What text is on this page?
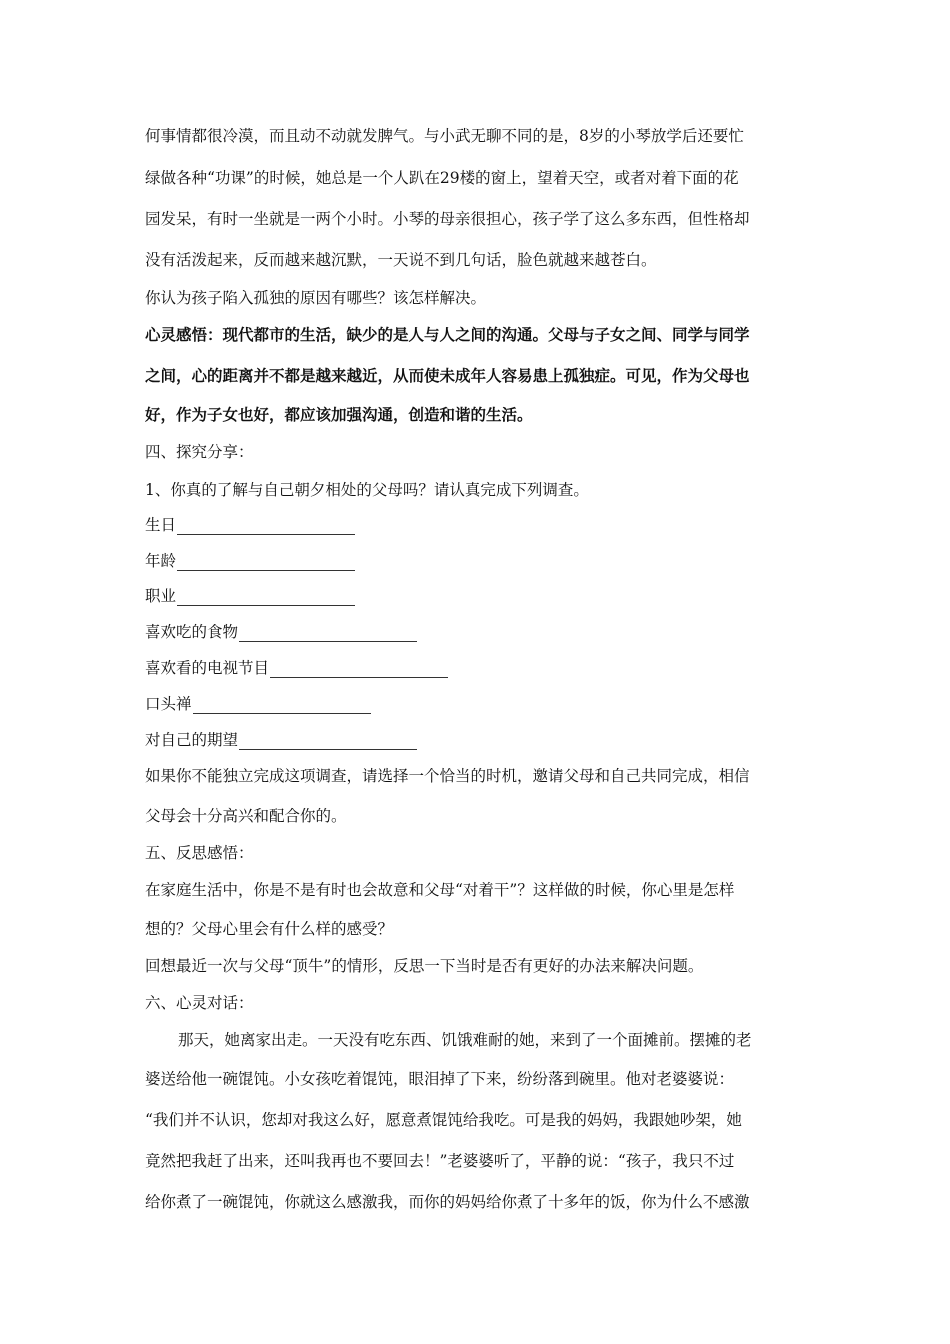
何事情都很冷漠，而且动不动就发脾气。与小武无聊不同的是，8岁的小琴放学后还要忙
绿做各种“功课”的时候，她总是一个人趴在29楼的窗上，望着天空，或者对着下面的花
园发呆，有时一坐就是一两个小时。小琴的母亲很担心，孩子学了这么多东西，但性格却
没有活泼起来，反而越来越沉默，一天说不到几句话，脸色就越来越苍白。
你认为孩子陷入孤独的原因有哪些？该怎样解决。
心灵感悟：现代都市的生活，缺少的是人与人之间的沟通。父母与子女之间、同学与同学
之间，心的距离并不都是越来越近，从而使未成年人容易患上孤独症。可见，作为父母也
好，作为子女也好，都应该加强沟通，创造和谐的生活。
四、探究分享：
1、你真的了解与自己朝夕相处的父母吗？请认真完成下列调查。
生日
年龄
职业
喜欢吃的食物
喜欢看的电视节目
口头禅
对自己的期望
如果你不能独立完成这项调查，请选择一个恰当的时机，邀请父母和自己共同完成，相信
父母会十分高兴和配合你的。
五、反思感悟：
在家庭生活中，你是不是有时也会故意和父母“对着干”？这样做的时候，你心里是怎样
想的？父母心里会有什么样的感受？
回想最近一次与父母“顶牛”的情形，反思一下当时是否有更好的办法来解决问题。
六、心灵对话：
那天，她离家出走。一天没有吃东西、饥饿难耐的她，来到了一个面摊前。摆摊的老
婆送给他一碗馄饨。小女孩吃着馄饨，眼泪掉了下来，纷纷落到碗里。他对老婆婆说：
“我们并不认识，您却对我这么好，愿意煮馄饨给我吃。可是我的妈妈，我跟她吵架，她
竟然把我赶了出来，还叫我再也不要回去！”老婆婆听了，平静的说：“孩子，我只不过
给你煮了一碗馄饨，你就这么感激我，而你的妈妈给你煮了十多年的饭，你为什么不感激
